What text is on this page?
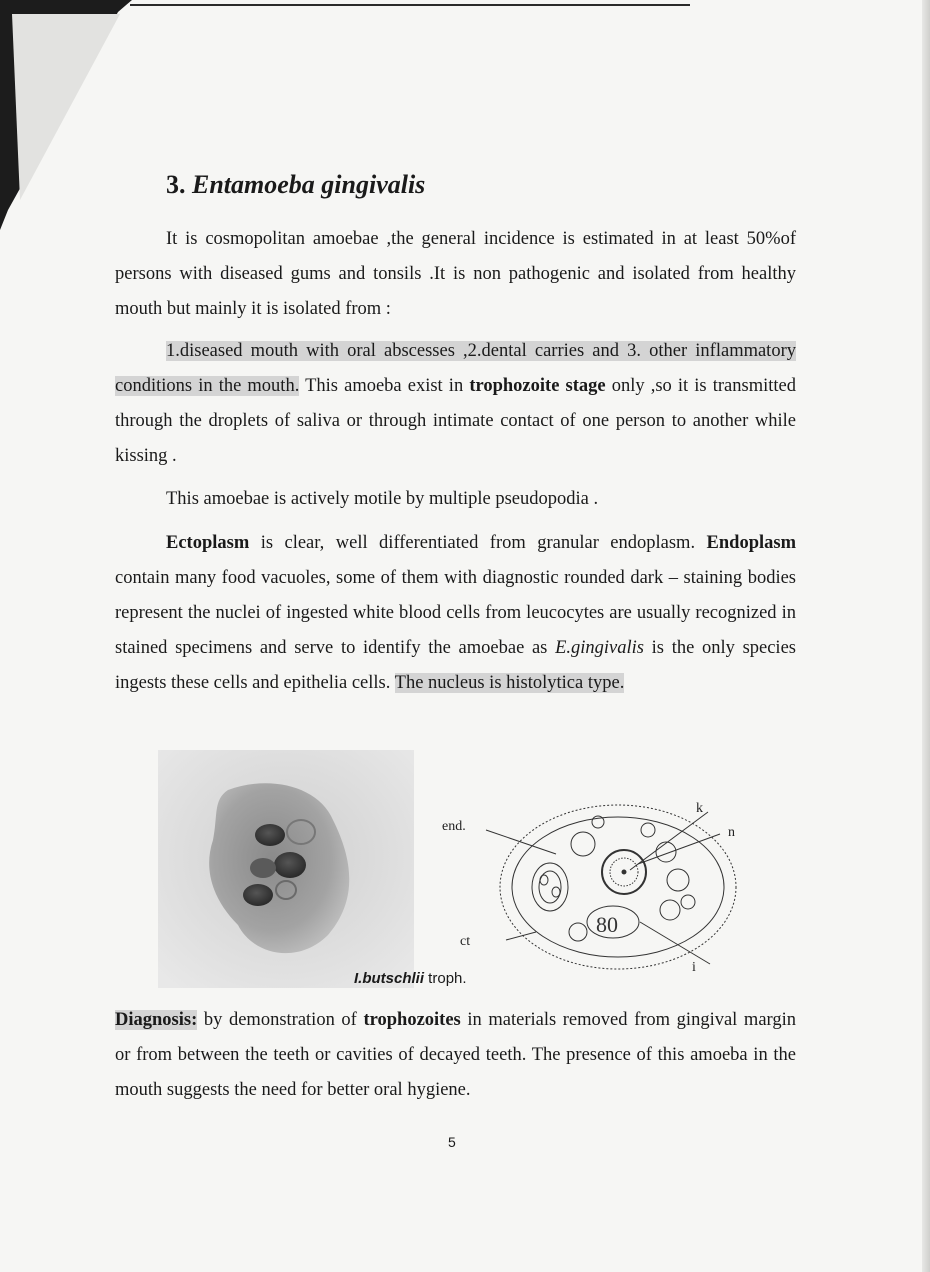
3. Entamoeba gingivalis

It is cosmopolitan amoebae ,the general incidence is estimated in at least 50%of persons with diseased gums and tonsils .It is non pathogenic and isolated from healthy mouth but mainly it is isolated from :

1.diseased mouth with oral abscesses ,2.dental carries and 3. other inflammatory conditions in the mouth. This amoeba exist in trophozoite stage only ,so it is transmitted through the droplets of saliva or through intimate contact of one person to another while kissing .

This amoebae is actively motile by multiple pseudopodia .

Ectoplasm is clear, well differentiated from granular endoplasm. Endoplasm contain many food vacuoles, some of them with diagnostic rounded dark – staining bodies represent the nuclei of ingested white blood cells from leucocytes are usually recognized in stained specimens and serve to identify the amoebae as E.gingivalis is the only species ingests these cells and epithelia cells. The nucleus is histolytica type.

80
end.
k
n
ct
i
I.butschlii troph.

Diagnosis: by demonstration of trophozoites in materials removed from gingival margin or from between the teeth or cavities of decayed teeth. The presence of this amoeba in the mouth suggests the need for better oral hygiene.

5
